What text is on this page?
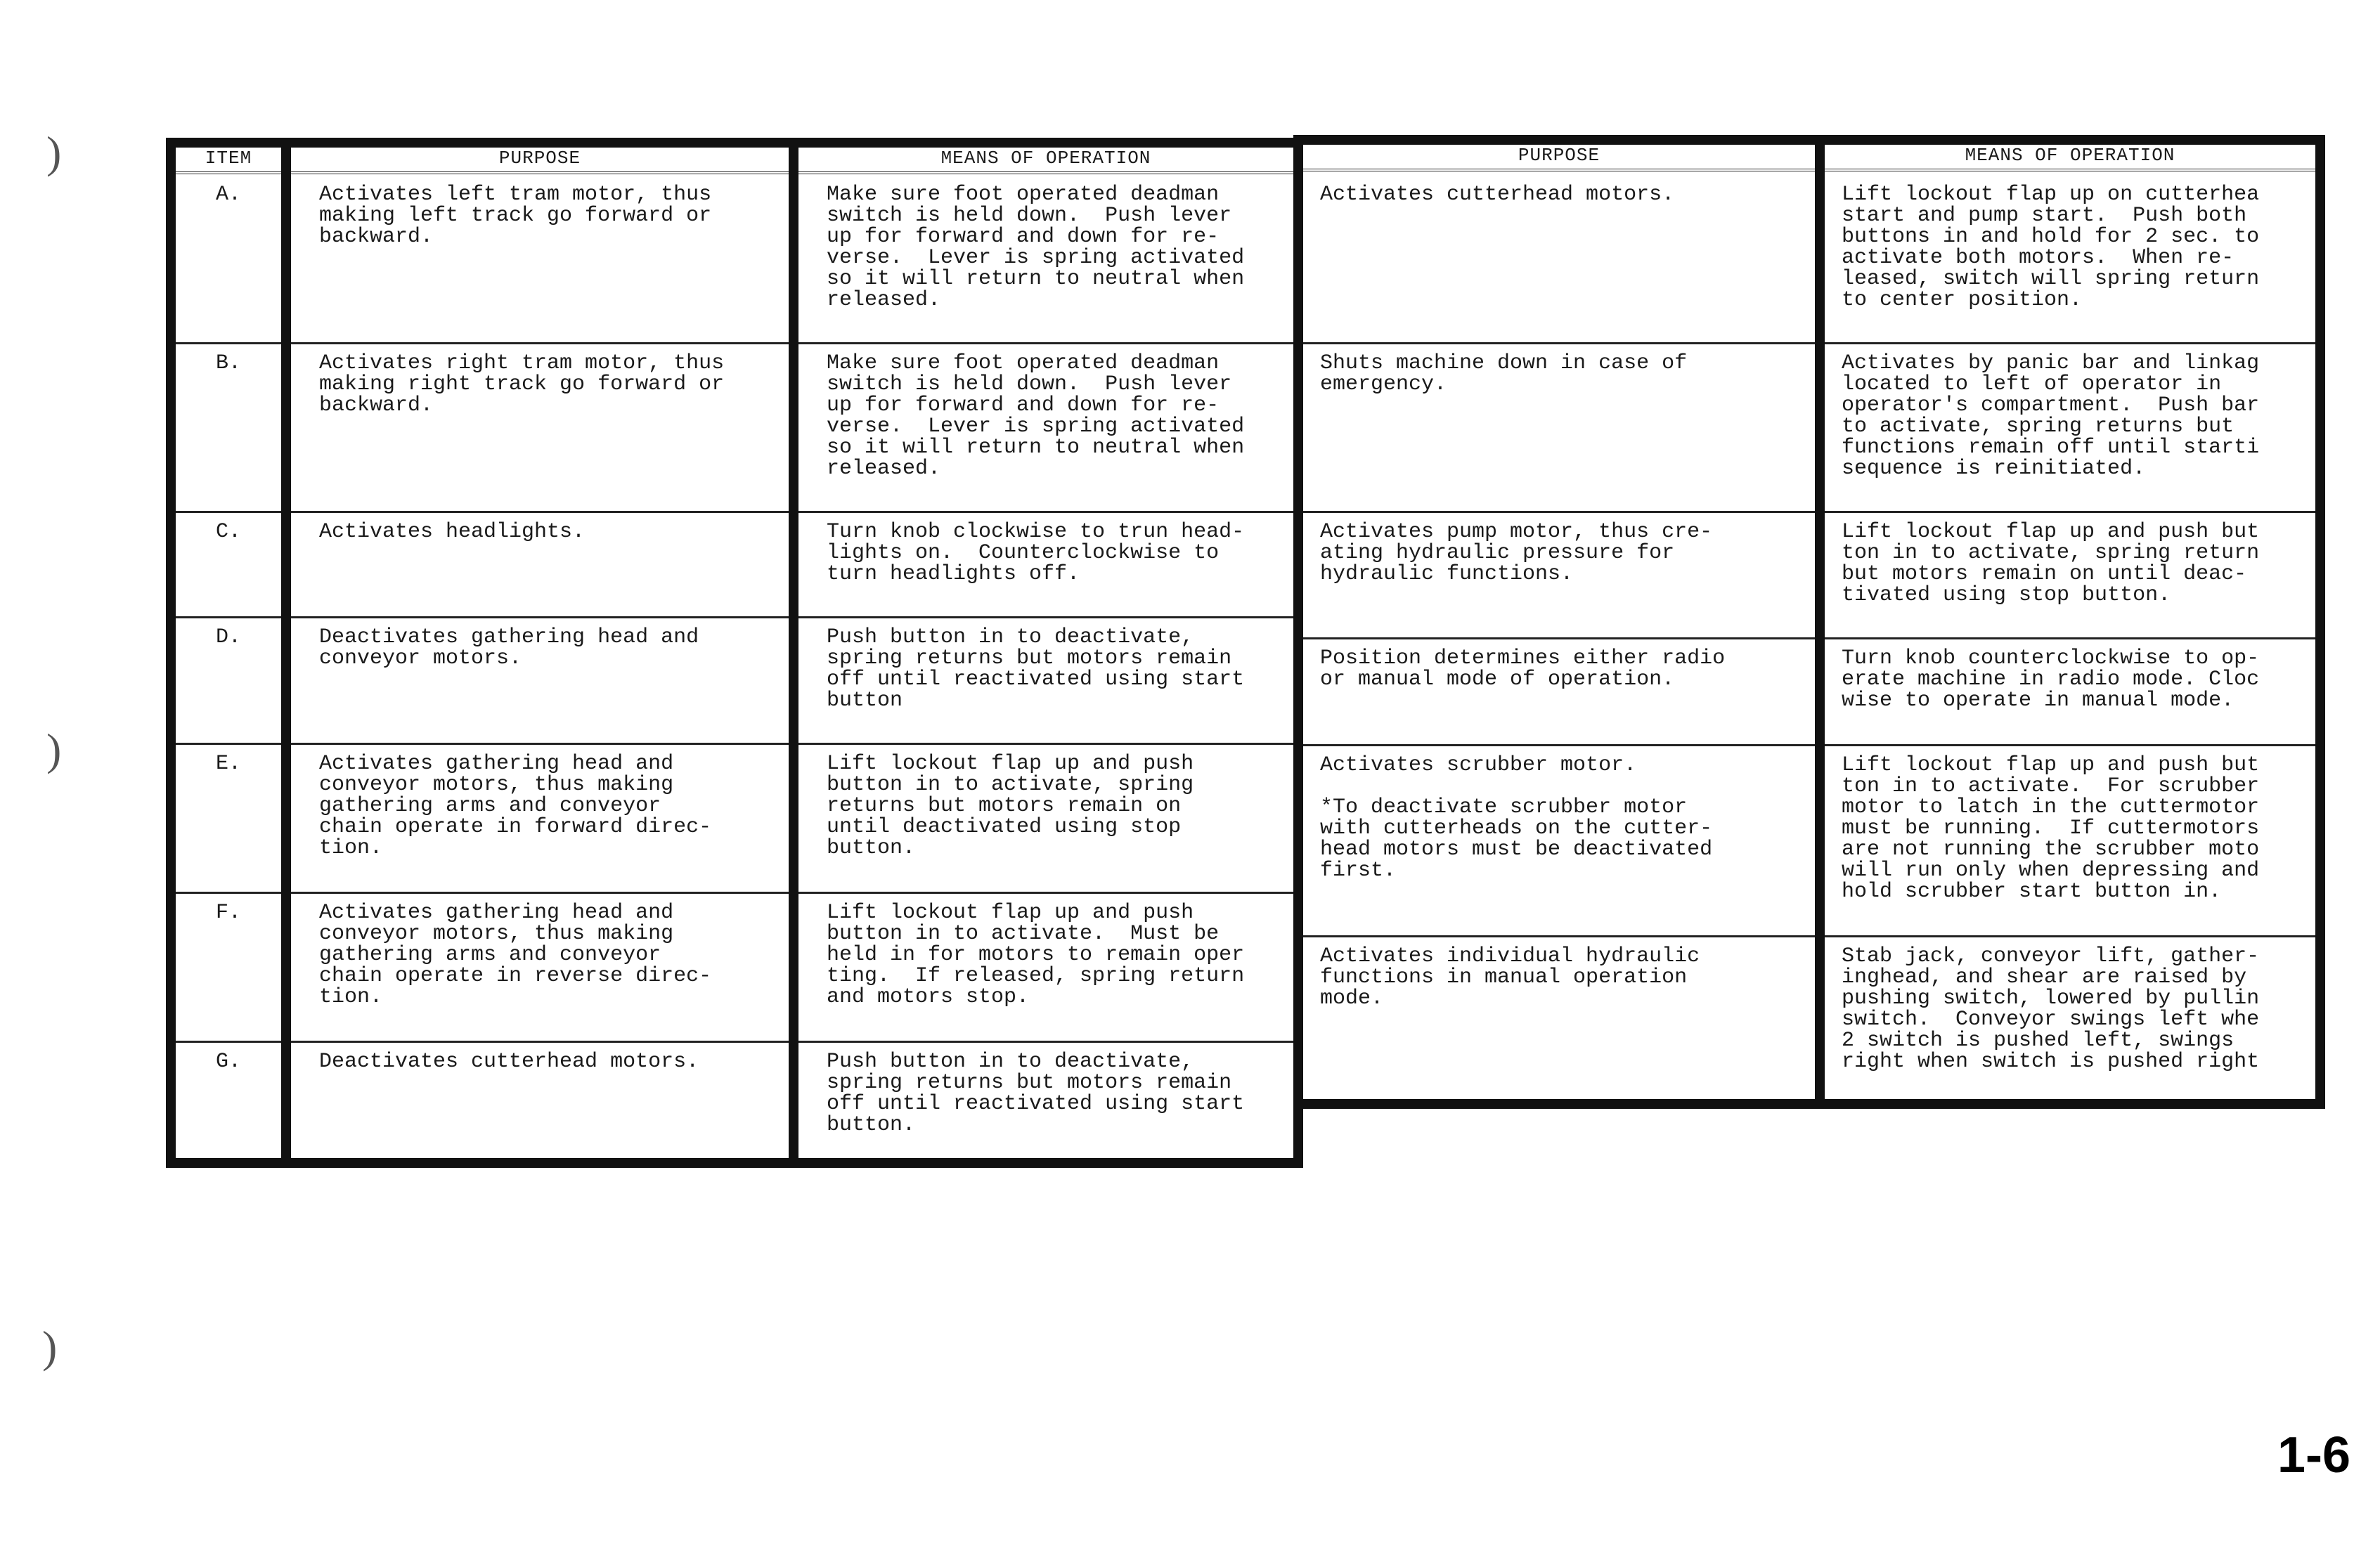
ITEM
A.
B.
C.
D.
E.
F.
G.
PURPOSE
Activates left tram motor, thus
making left track go forward or
backward.
Activates right tram motor, thus
making right track go forward or
backward.
Activates headlights.
Deactivates gathering head and
conveyor motors.
Activates gathering head and
conveyor motors, thus making
gathering arms and conveyor
chain operate in forward direc-
tion.
Activates gathering head and
conveyor motors, thus making
gathering arms and conveyor
chain operate in reverse direc-
tion.
Deactivates cutterhead motors.
MEANS OF OPERATION
Make sure foot operated deadman
switch is held down.  Push lever
up for forward and down for re-
verse.  Lever is spring activated
so it will return to neutral when
released.
Make sure foot operated deadman
switch is held down.  Push lever
up for forward and down for re-
verse.  Lever is spring activated
so it will return to neutral when
released.
Turn knob clockwise to trun head-
lights on.  Counterclockwise to
turn headlights off.
Push button in to deactivate,
spring returns but motors remain
off until reactivated using start
button
Lift lockout flap up and push
button in to activate, spring
returns but motors remain on
until deactivated using stop
button.
Lift lockout flap up and push
button in to activate.  Must be
held in for motors to remain oper
ting.  If released, spring return
and motors stop.
Push button in to deactivate,
spring returns but motors remain
off until reactivated using start
button.
PURPOSE
Activates cutterhead motors.
Shuts machine down in case of
emergency.
Activates pump motor, thus cre-
ating hydraulic pressure for
hydraulic functions.
Position determines either radio
or manual mode of operation.
Activates scrubber motor.

*To deactivate scrubber motor
with cutterheads on the cutter-
head motors must be deactivated
first.
Activates individual hydraulic
functions in manual operation
mode.
MEANS OF OPERATION
Lift lockout flap up on cutterhea
start and pump start.  Push both
buttons in and hold for 2 sec. to
activate both motors.  When re-
leased, switch will spring return
to center position.
Activates by panic bar and linkag
located to left of operator in
operator's compartment.  Push bar
to activate, spring returns but
functions remain off until starti
sequence is reinitiated.
Lift lockout flap up and push but
ton in to activate, spring return
but motors remain on until deac-
tivated using stop button.
Turn knob counterclockwise to op-
erate machine in radio mode. Cloc
wise to operate in manual mode.
Lift lockout flap up and push but
ton in to activate.  For scrubber
motor to latch in the cuttermotor
must be running.  If cuttermotors
are not running the scrubber moto
will run only when depressing and
hold scrubber start button in.
Stab jack, conveyor lift, gather-
inghead, and shear are raised by
pushing switch, lowered by pullin
switch.  Conveyor swings left whe
2 switch is pushed left, swings
right when switch is pushed right
)
)
)
1-6
